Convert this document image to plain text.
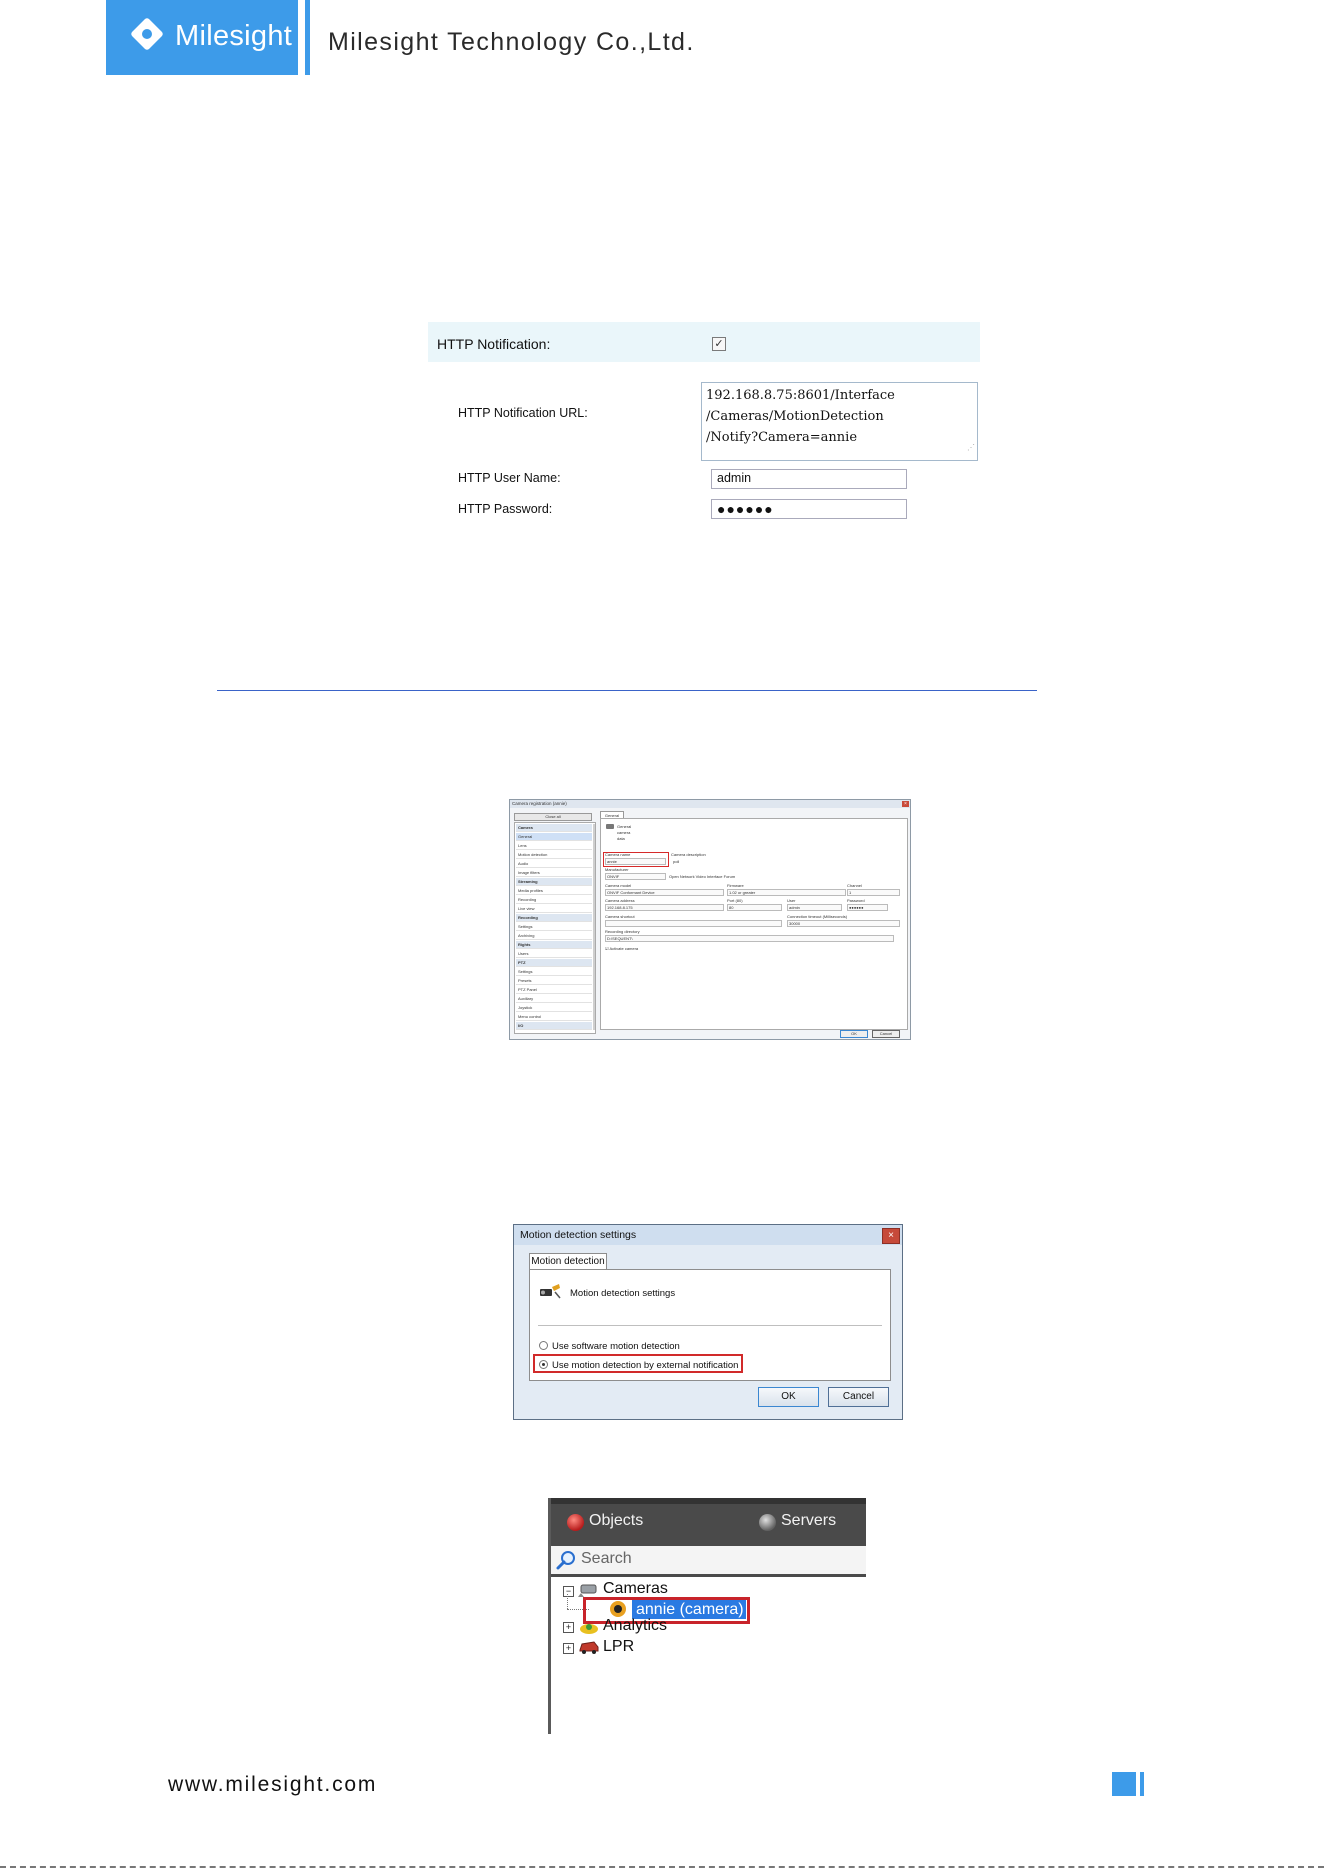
Milesight Milesight Technology Co.,Ltd.
HTTP Notification:	✓
HTTP Notification URL:
192.168.8.75:8601/Interface
/Cameras/MotionDetection
/Notify?Camera=annie
⋰
HTTP User Name:	admin
HTTP Password:	●●●●●●
Camera registration (annie)	×
Close all
Camera
General
Lens
Motion detection
Audio
Image filters
Streaming
Media profiles
Recording
Live view
Recording
Settings
Archiving
Rights
Users
PTZ
Settings
Presets
PTZ Panel
Auxiliary
Joystick
Menu control
I/O
General
General camera data
Camera name
annie
Camera description
poll
Manufacturer
ONVIF	Open Network Video Interface Forum
Camera model
ONVIF Conformant Device
Firmware
1.02 or greater
Channel
1
Camera address
192.168.8.175
Port (80)
80
User
admin
Password
●●●●●●
Camera shortcut	Connection timeout (Milliseconds)
30000
Recording directory
D:\SEQUENT\
☑ Activate camera
OK	Cancel
Motion detection settings	×
Motion detection
Motion detection settings
Use software motion detection
Use motion detection by external notification
OK	Cancel
Objects	Servers
Search
− Cameras
annie (camera)
+ Analytics
+ LPR
www.milesight.com
